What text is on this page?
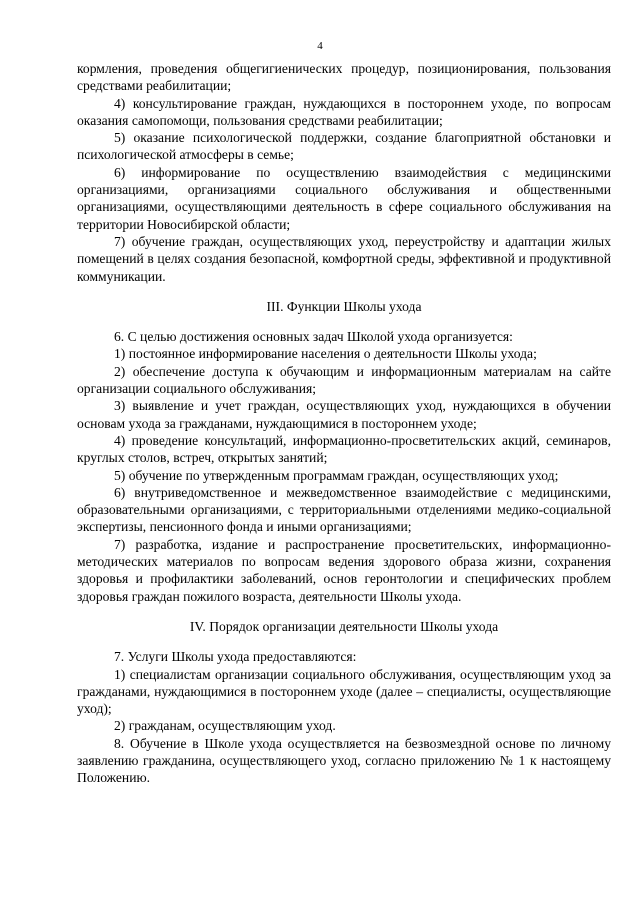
4

кормления, проведения общегигиенических процедур, позиционирования, пользования средствами реабилитации;

4) консультирование граждан, нуждающихся в постороннем уходе, по вопросам оказания самопомощи, пользования средствами реабилитации;

5) оказание психологической поддержки, создание благоприятной обстановки и психологической атмосферы в семье;

6) информирование по осуществлению взаимодействия с медицинскими организациями, организациями социального обслуживания и общественными организациями, осуществляющими деятельность в сфере социального обслуживания на территории Новосибирской области;

7) обучение граждан, осуществляющих уход, переустройству и адаптации жилых помещений в целях создания безопасной, комфортной среды, эффективной и продуктивной коммуникации.

III. Функции Школы ухода

6. С целью достижения основных задач Школой ухода организуется:

1) постоянное информирование населения о деятельности Школы ухода;

2) обеспечение доступа к обучающим и информационным материалам на сайте организации социального обслуживания;

3) выявление и учет граждан, осуществляющих уход, нуждающихся в обучении основам ухода за гражданами, нуждающимися в постороннем уходе;

4) проведение консультаций, информационно-просветительских акций, семинаров, круглых столов, встреч, открытых занятий;

5) обучение по утвержденным программам граждан, осуществляющих уход;

6) внутриведомственное и межведомственное взаимодействие с медицинскими, образовательными организациями, с территориальными отделениями медико-социальной экспертизы, пенсионного фонда и иными организациями;

7) разработка, издание и распространение просветительских, информационно-методических материалов по вопросам ведения здорового образа жизни, сохранения здоровья и профилактики заболеваний, основ геронтологии и специфических проблем здоровья граждан пожилого возраста, деятельности Школы ухода.

IV. Порядок организации деятельности Школы ухода

7. Услуги Школы ухода предоставляются:

1) специалистам организации социального обслуживания, осуществляющим уход за гражданами, нуждающимися в постороннем уходе (далее – специалисты, осуществляющие уход);

2) гражданам, осуществляющим уход.

8. Обучение в Школе ухода осуществляется на безвозмездной основе по личному заявлению гражданина, осуществляющего уход, согласно приложению № 1 к настоящему Положению.
